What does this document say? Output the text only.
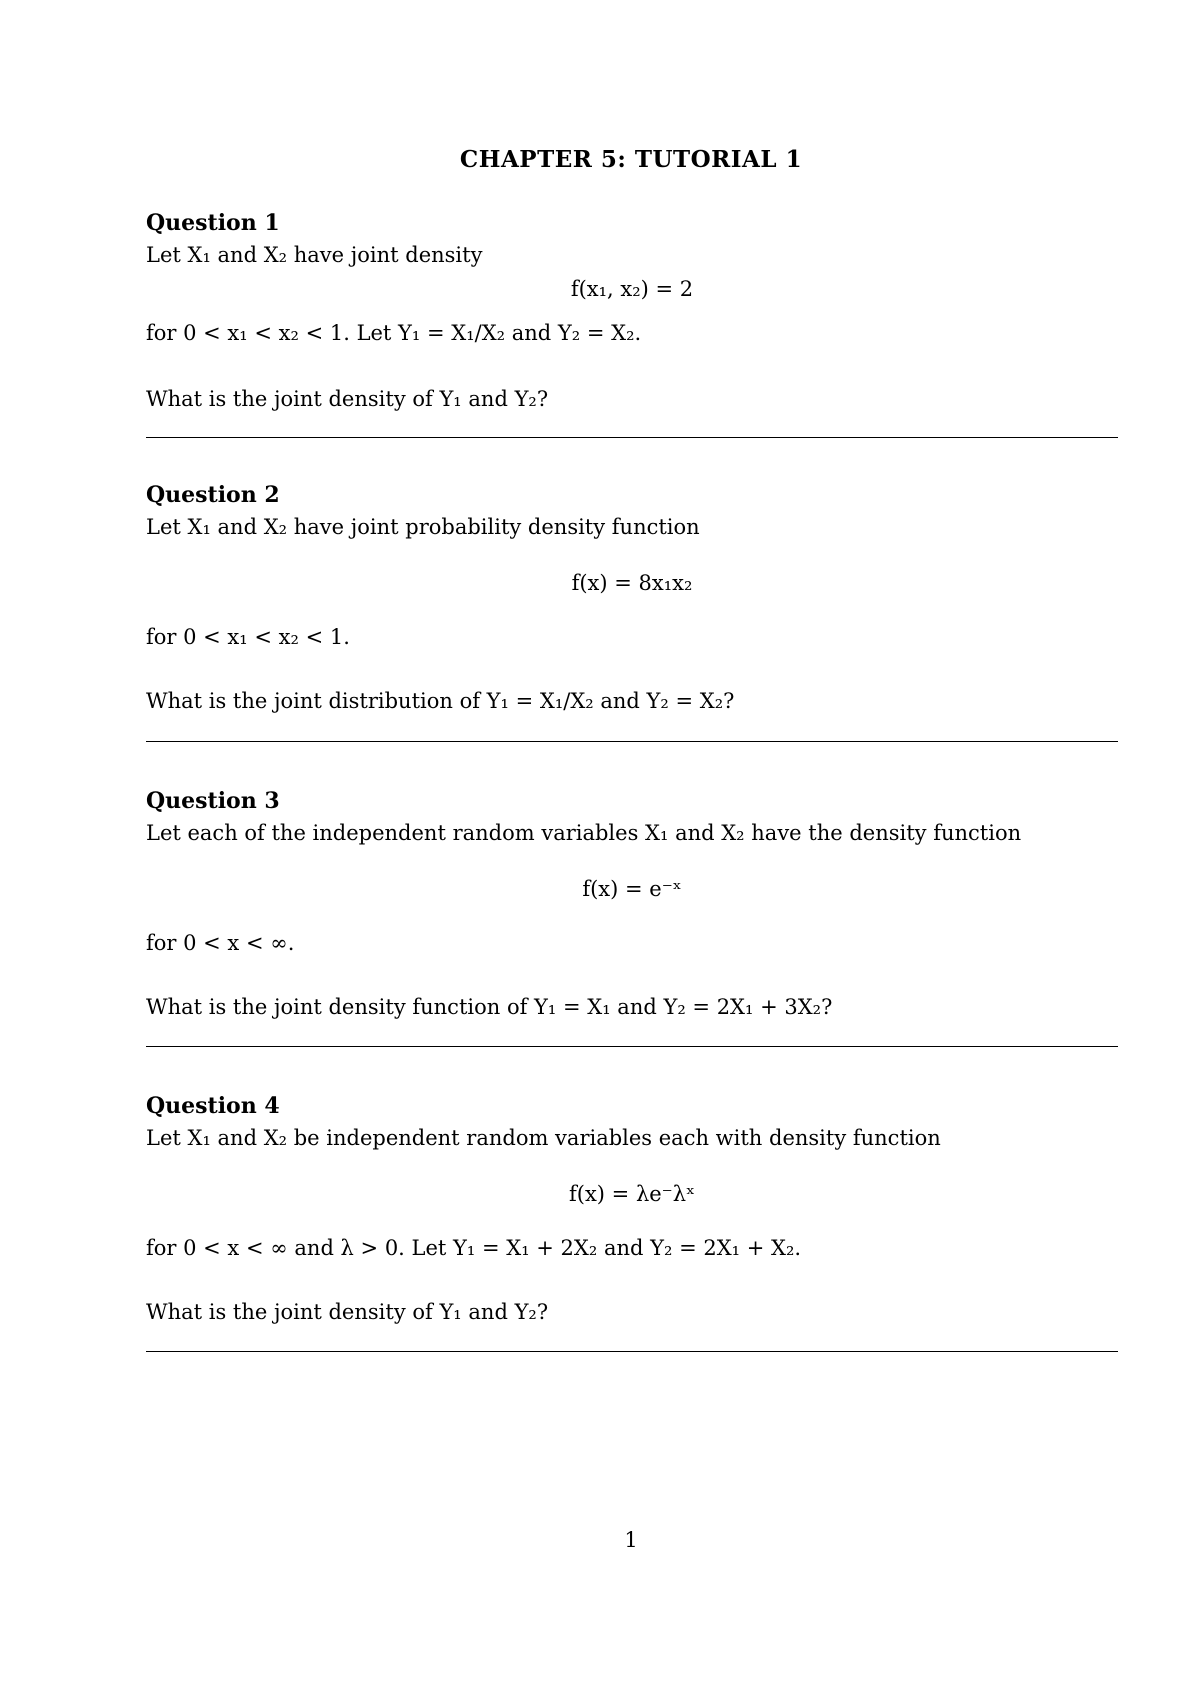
CHAPTER 5: TUTORIAL 1
Question 1
Let X₁ and X₂ have joint density
f(x₁, x₂) = 2
for 0 < x₁ < x₂ < 1. Let Y₁ = X₁/X₂ and Y₂ = X₂.
What is the joint density of Y₁ and Y₂?
Question 2
Let X₁ and X₂ have joint probability density function
f(x) = 8x₁x₂
for 0 < x₁ < x₂ < 1.
What is the joint distribution of Y₁ = X₁/X₂ and Y₂ = X₂?
Question 3
Let each of the independent random variables X₁ and X₂ have the density function
f(x) = e⁻ˣ
for 0 < x < ∞.
What is the joint density function of Y₁ = X₁ and Y₂ = 2X₁ + 3X₂?
Question 4
Let X₁ and X₂ be independent random variables each with density function
f(x) = λe⁻λˣ
for 0 < x < ∞ and λ > 0. Let Y₁ = X₁ + 2X₂ and Y₂ = 2X₁ + X₂.
What is the joint density of Y₁ and Y₂?
1
